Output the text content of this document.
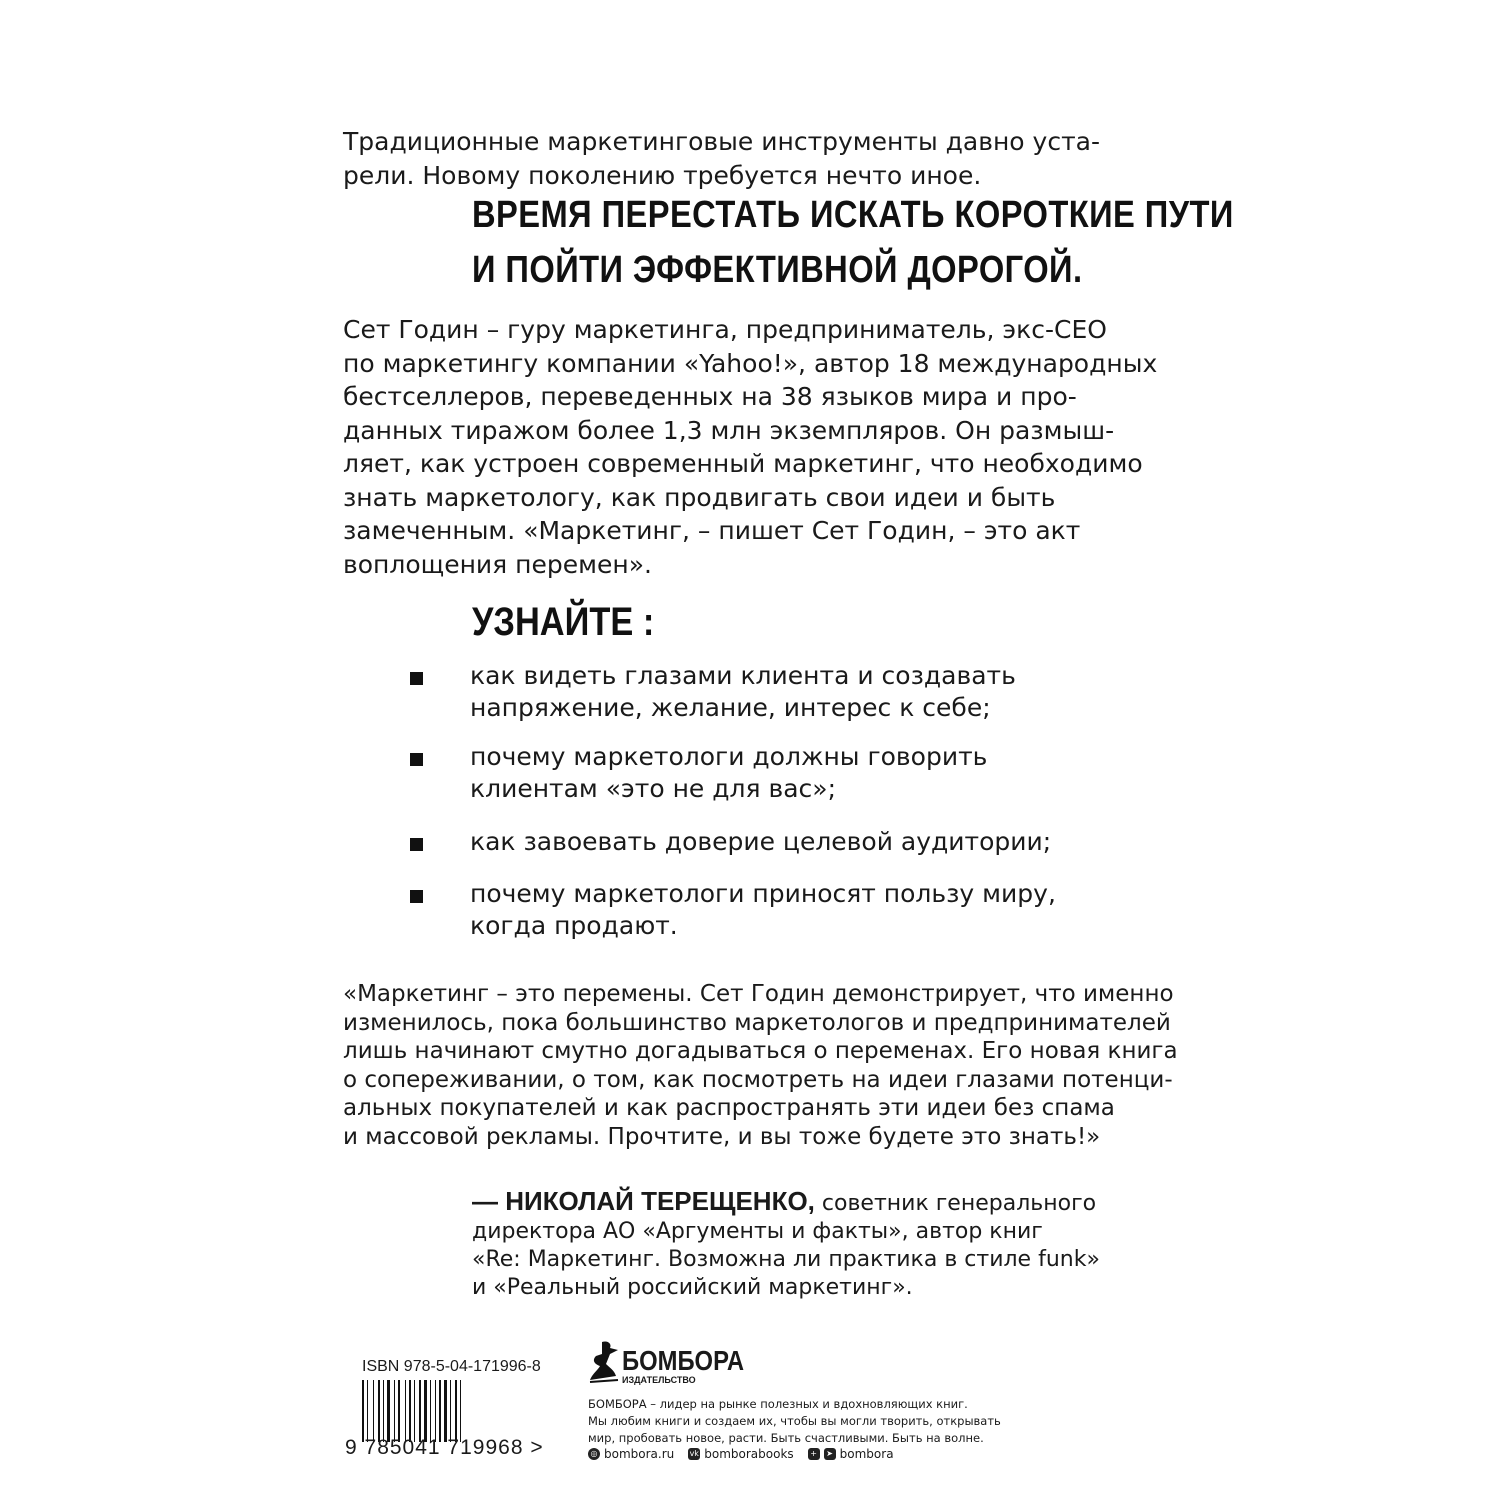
Традиционные маркетинговые инструменты давно уста-
рели. Новому поколению требуется нечто иное.
ВРЕМЯ ПЕРЕСТАТЬ ИСКАТЬ КОРОТКИЕ ПУТИ
И ПОЙТИ ЭФФЕКТИВНОЙ ДОРОГОЙ.
Сет Годин – гуру маркетинга, предприниматель, экс-CEO
по маркетингу компании «Yahoo!», автор 18 международных
бестселлеров, переведенных на 38 языков мира и про-
данных тиражом более 1,3 млн экземпляров. Он размыш-
ляет, как устроен современный маркетинг, что необходимо
знать маркетологу, как продвигать свои идеи и быть
замеченным. «Маркетинг, – пишет Сет Годин, – это акт
воплощения перемен».
УЗНАЙТЕ :
как видеть глазами клиента и создавать
напряжение, желание, интерес к себе;
почему маркетологи должны говорить
клиентам «это не для вас»;
как завоевать доверие целевой аудитории;
почему маркетологи приносят пользу миру,
когда продают.
«Маркетинг – это перемены. Сет Годин демонстрирует, что именно
изменилось, пока большинство маркетологов и предпринимателей
лишь начинают смутно догадываться о переменах. Его новая книга
о сопереживании, о том, как посмотреть на идеи глазами потенци-
альных покупателей и как распространять эти идеи без спама
и массовой рекламы. Прочтите, и вы тоже будете это знать!»
— НИКОЛАЙ ТЕРЕЩЕНКО, советник генерального
директора АО «Аргументы и факты», автор книг
«Re: Маркетинг. Возможна ли практика в стиле funk»
и «Реальный российский маркетинг».
ISBN 978-5-04-171996-8
9 785041 719968 >
БОМБОРА
ИЗДАТЕЛЬСТВО
БОМБОРА – лидер на рынке полезных и вдохновляющих книг.
Мы любим книги и создаем их, чтобы вы могли творить, открывать
мир, пробовать новое, расти. Быть счастливыми. Быть на волне.
◎ bombora.ru vk bomborabooks	+	➤ bombora
